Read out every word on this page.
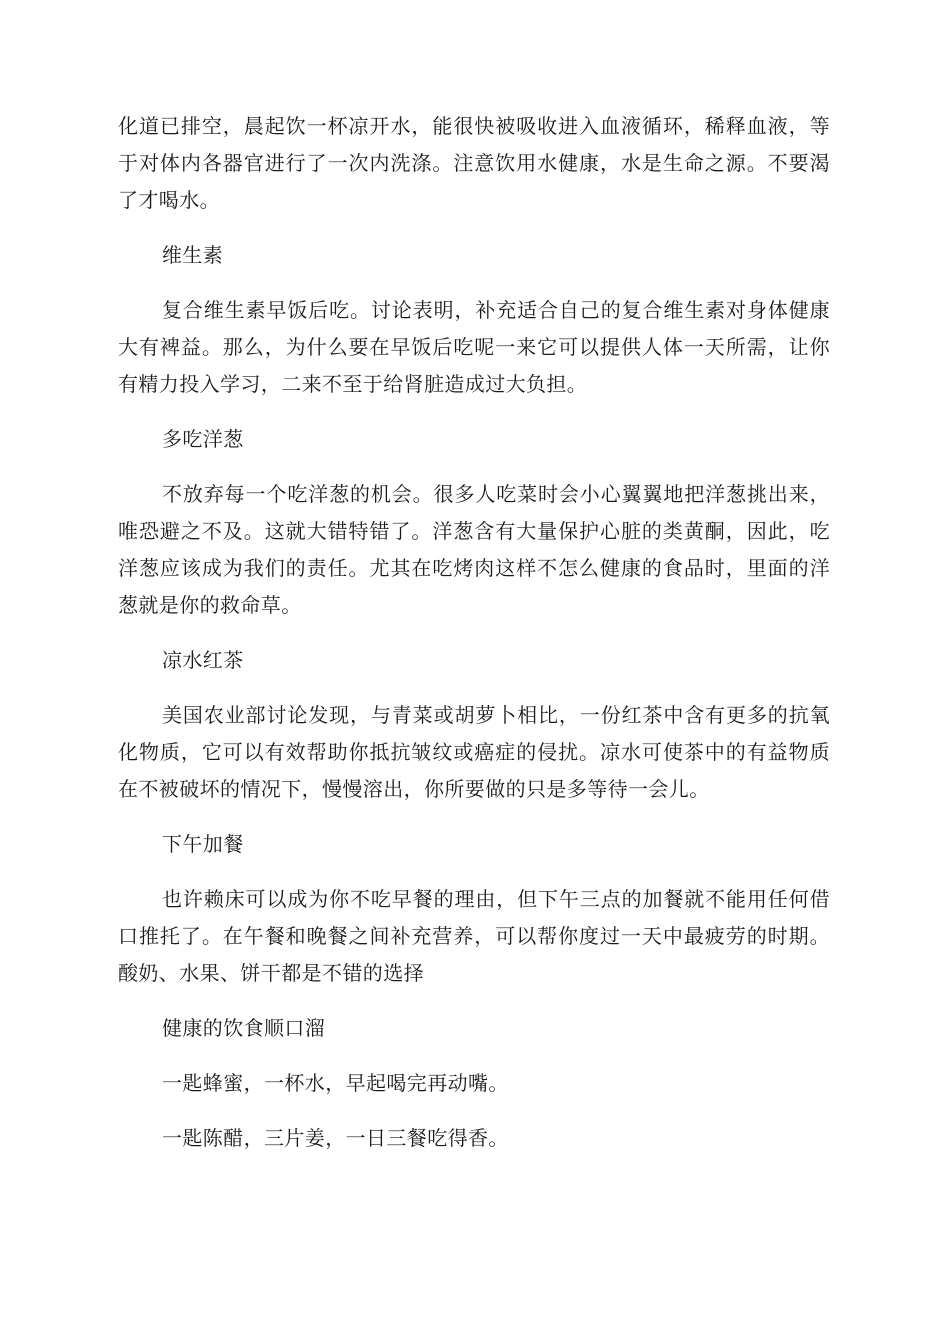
化道已排空，晨起饮一杯凉开水，能很快被吸收进入血液循环，稀释血液，等于对体内各器官进行了一次内洗涤。注意饮用水健康，水是生命之源。不要渴了才喝水。

维生素

复合维生素早饭后吃。讨论表明，补充适合自己的复合维生素对身体健康大有裨益。那么，为什么要在早饭后吃呢一来它可以提供人体一天所需，让你有精力投入学习，二来不至于给肾脏造成过大负担。

多吃洋葱

不放弃每一个吃洋葱的机会。很多人吃菜时会小心翼翼地把洋葱挑出来，唯恐避之不及。这就大错特错了。洋葱含有大量保护心脏的类黄酮，因此，吃洋葱应该成为我们的责任。尤其在吃烤肉这样不怎么健康的食品时，里面的洋葱就是你的救命草。

凉水红茶

美国农业部讨论发现，与青菜或胡萝卜相比，一份红茶中含有更多的抗氧化物质，它可以有效帮助你抵抗皱纹或癌症的侵扰。凉水可使茶中的有益物质在不被破坏的情况下，慢慢溶出，你所要做的只是多等待一会儿。

下午加餐

也许赖床可以成为你不吃早餐的理由，但下午三点的加餐就不能用任何借口推托了。在午餐和晚餐之间补充营养，可以帮你度过一天中最疲劳的时期。酸奶、水果、饼干都是不错的选择

健康的饮食顺口溜

一匙蜂蜜，一杯水，早起喝完再动嘴。

一匙陈醋，三片姜，一日三餐吃得香。
